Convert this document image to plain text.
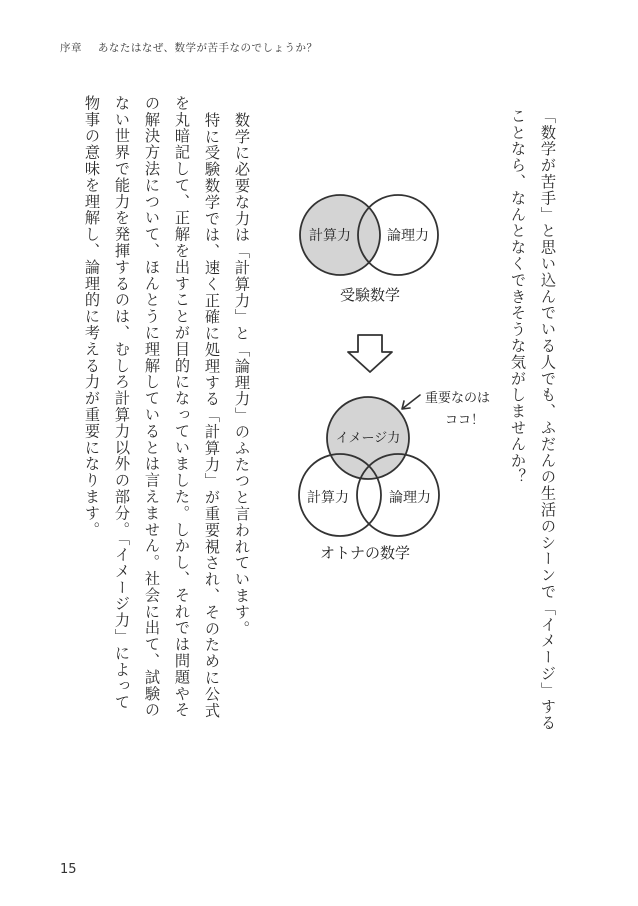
序章 あなたはなぜ、数学が苦手なのでしょうか？
「数学が苦手」と思い込んでいる人でも、ふだんの生活のシーンで「イメージ」する
ことなら、なんとなくできそうな気がしませんか？
数学に必要な力は「計算力」と「論理力」のふたつと言われています。
特に受験数学では、速く正確に処理する「計算力」が重要視され、そのために公式
を丸暗記して、正解を出すことが目的になっていました。しかし、それでは問題やそ
の解決方法について、ほんとうに理解しているとは言えません。社会に出て、試験の
ない世界で能力を発揮するのは、むしろ計算力以外の部分。「イメージ力」によって
物事の意味を理解し、論理的に考える力が重要になります。	計算力	論理力
受験数学
重要なのは
ココ！
イメージ力
計算力	論理力
オトナの数学
15
